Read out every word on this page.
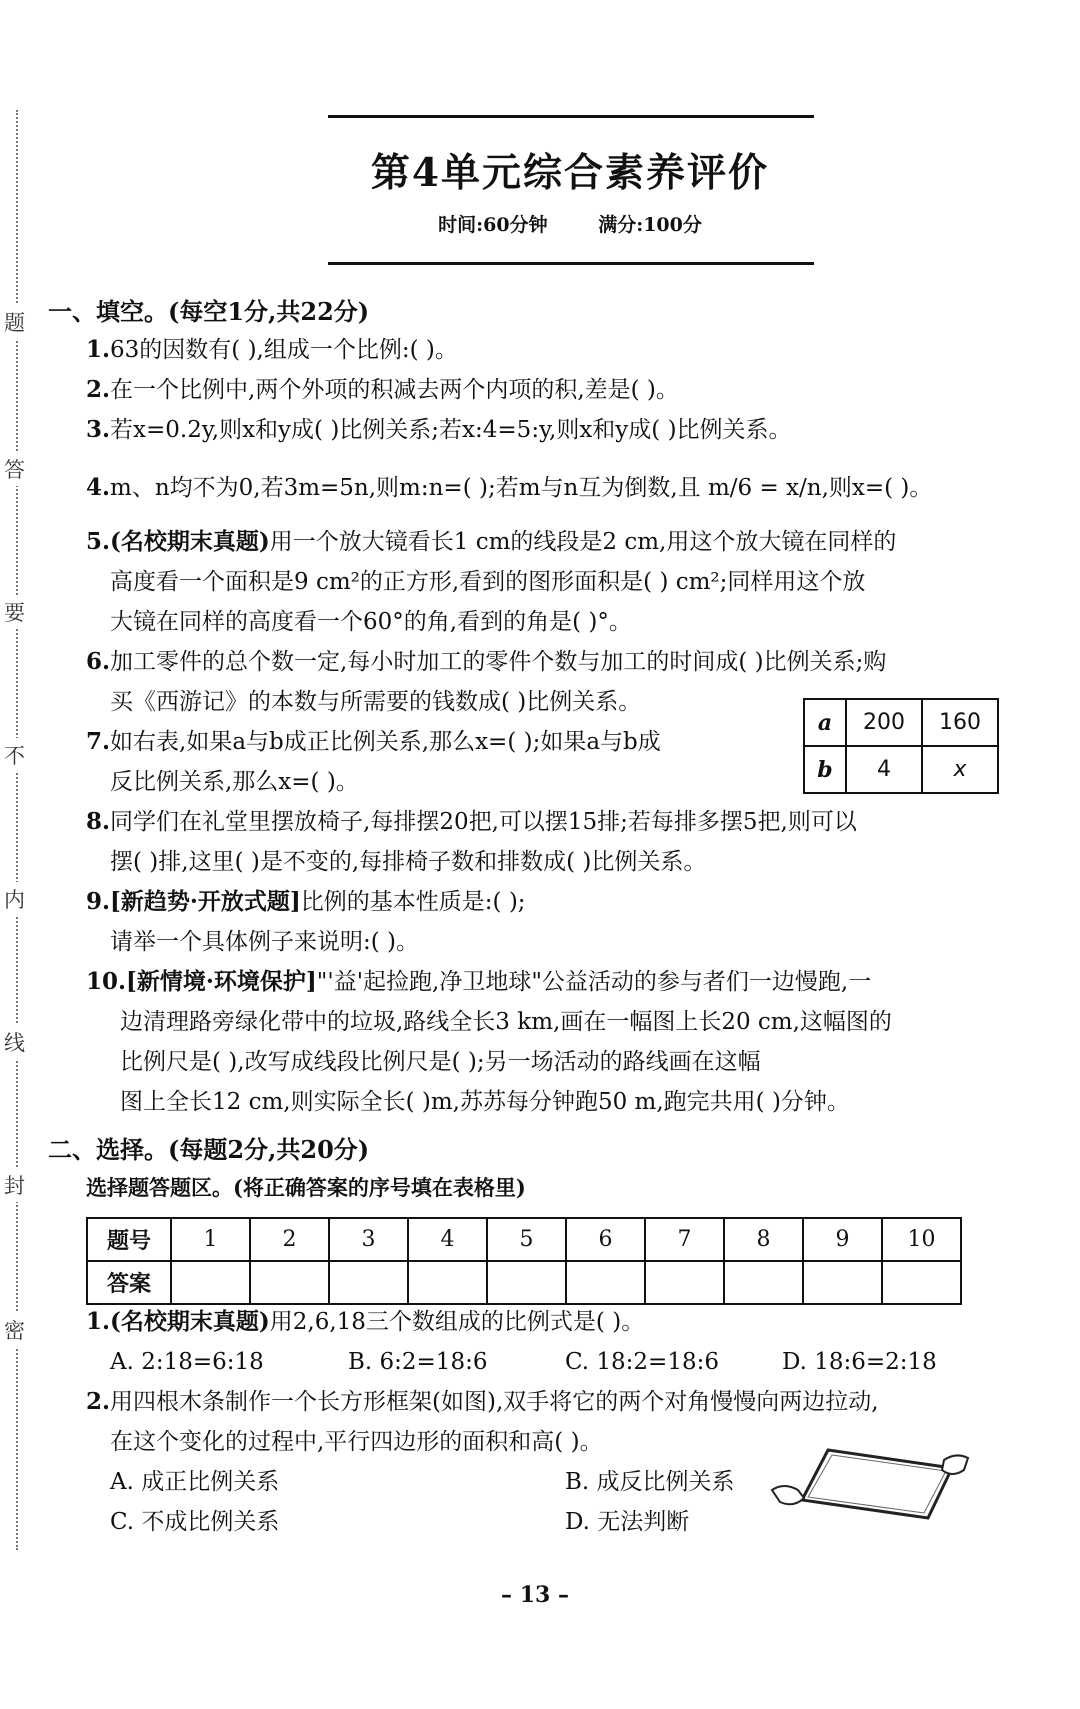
题
答
要
不
内
线
封
密
第4单元综合素养评价
时间:60分钟	满分:100分
一、填空。(每空1分,共22分)
1.63的因数有( ),组成一个比例:( )。
2.在一个比例中,两个外项的积减去两个内项的积,差是( )。
3.若x=0.2y,则x和y成( )比例关系;若x:4=5:y,则x和y成( )比例关系。
4.m、n均不为0,若3m=5n,则m:n=( );若m与n互为倒数,且 m/6 = x/n,则x=( )。
5.(名校期末真题)用一个放大镜看长1 cm的线段是2 cm,用这个放大镜在同样的
高度看一个面积是9 cm²的正方形,看到的图形面积是( ) cm²;同样用这个放
大镜在同样的高度看一个60°的角,看到的角是( )°。
6.加工零件的总个数一定,每小时加工的零件个数与加工的时间成( )比例关系;购
买《西游记》的本数与所需要的钱数成( )比例关系。
7.如右表,如果a与b成正比例关系,那么x=( );如果a与b成
反比例关系,那么x=( )。
a	200	160
b	4	x
8.同学们在礼堂里摆放椅子,每排摆20把,可以摆15排;若每排多摆5把,则可以
摆( )排,这里( )是不变的,每排椅子数和排数成( )比例关系。
9.[新趋势·开放式题]比例的基本性质是:( );
请举一个具体例子来说明:( )。
10.[新情境·环境保护]"'益'起捡跑,净卫地球"公益活动的参与者们一边慢跑,一
边清理路旁绿化带中的垃圾,路线全长3 km,画在一幅图上长20 cm,这幅图的
比例尺是( ),改写成线段比例尺是( );另一场活动的路线画在这幅
图上全长12 cm,则实际全长( )m,苏苏每分钟跑50 m,跑完共用( )分钟。
二、选择。(每题2分,共20分)
选择题答题区。(将正确答案的序号填在表格里)
题号	1	2	3	4	5	6	7	8	9	10
答案										
1.(名校期末真题)用2,6,18三个数组成的比例式是( )。
A. 2:18=6:18	B. 6:2=18:6	C. 18:2=18:6	D. 18:6=2:18
2.用四根木条制作一个长方形框架(如图),双手将它的两个对角慢慢向两边拉动,
在这个变化的过程中,平行四边形的面积和高( )。
A. 成正比例关系	B. 成反比例关系
C. 不成比例关系	D. 无法判断
– 13 –
